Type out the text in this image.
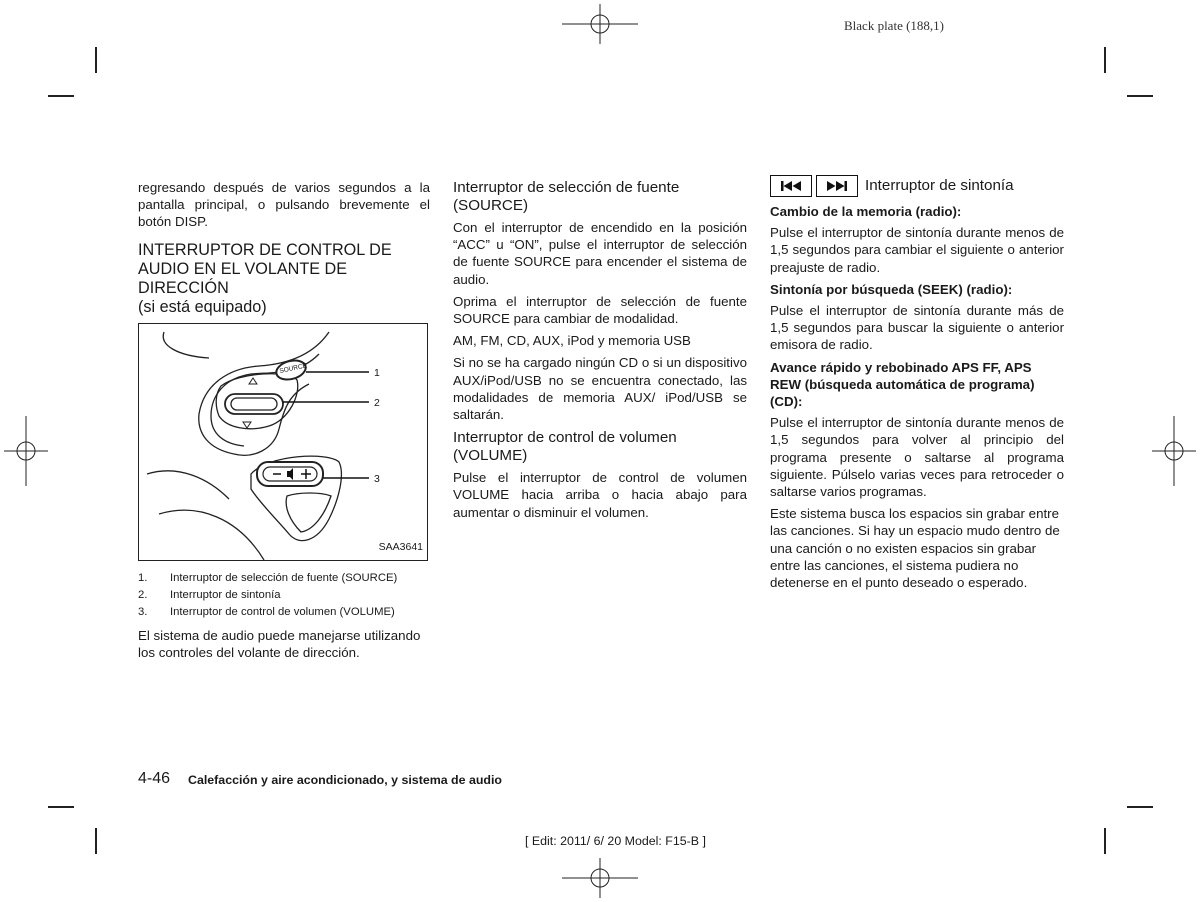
Black plate (188,1)

regresando después de varios segundos a la pantalla principal, o pulsando brevemente el botón DISP.

INTERRUPTOR DE CONTROL DE AUDIO EN EL VOLANTE DE DIRECCIÓN
(si está equipado)
SOURCE	1
2
3
SAA3641
1.	Interruptor de selección de fuente (SOURCE)
2.	Interruptor de sintonía
3.	Interruptor de control de volumen (VOLUME)

El sistema de audio puede manejarse utilizando los controles del volante de dirección.

Interruptor de selección de fuente (SOURCE)

Con el interruptor de encendido en la posición “ACC” u “ON”, pulse el interruptor de selección de fuente SOURCE para encender el sistema de audio.

Oprima el interruptor de selección de fuente SOURCE para cambiar de modalidad.

AM, FM, CD, AUX, iPod y memoria USB

Si no se ha cargado ningún CD o si un dispositivo AUX/iPod/USB no se encuentra conectado, las modalidades de memoria AUX/ iPod/USB se saltarán.

Interruptor de control de volumen (VOLUME)

Pulse el interruptor de control de volumen VOLUME hacia arriba o hacia abajo para aumentar o disminuir el volumen.

Interruptor de sintonía
Cambio de la memoria (radio):

Pulse el interruptor de sintonía durante menos de 1,5 segundos para cambiar el siguiente o anterior preajuste de radio.

Sintonía por búsqueda (SEEK) (radio):

Pulse el interruptor de sintonía durante más de 1,5 segundos para buscar la siguiente o anterior emisora de radio.

Avance rápido y rebobinado APS FF, APS REW (búsqueda automática de programa) (CD):

Pulse el interruptor de sintonía durante menos de 1,5 segundos para volver al principio del programa presente o saltarse al programa siguiente. Púlselo varias veces para retroceder o saltarse varios programas.

Este sistema busca los espacios sin grabar entre las canciones. Si hay un espacio mudo dentro de una canción o no existen espacios sin grabar entre las canciones, el sistema pudiera no detenerse en el punto deseado o esperado.

4-46 Calefacción y aire acondicionado, y sistema de audio
[ Edit: 2011/ 6/ 20 Model: F15-B ]
